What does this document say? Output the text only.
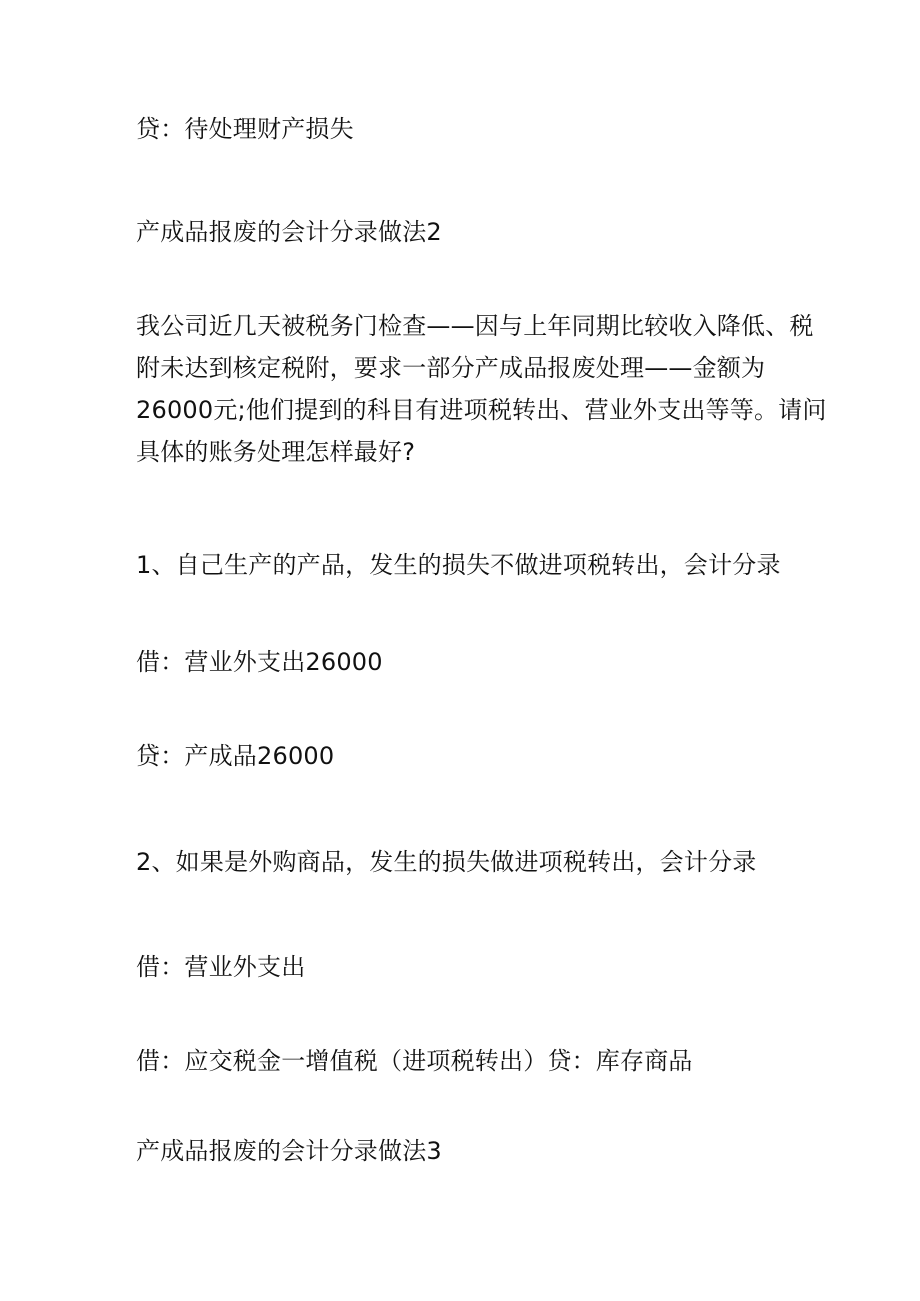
贷：待处理财产损失

产成品报废的会计分录做法2

我公司近几天被税务门检查——因与上年同期比较收入降低、税
附未达到核定税附，要求一部分产成品报废处理——金额为
26000元;他们提到的科目有进项税转出、营业外支出等等。请问
具体的账务处理怎样最好?

1、自己生产的产品，发生的损失不做进项税转出，会计分录

借：营业外支出26000

贷：产成品26000

2、如果是外购商品，发生的损失做进项税转出，会计分录

借：营业外支出

借：应交税金一增值税（进项税转出）贷：库存商品

产成品报废的会计分录做法3
